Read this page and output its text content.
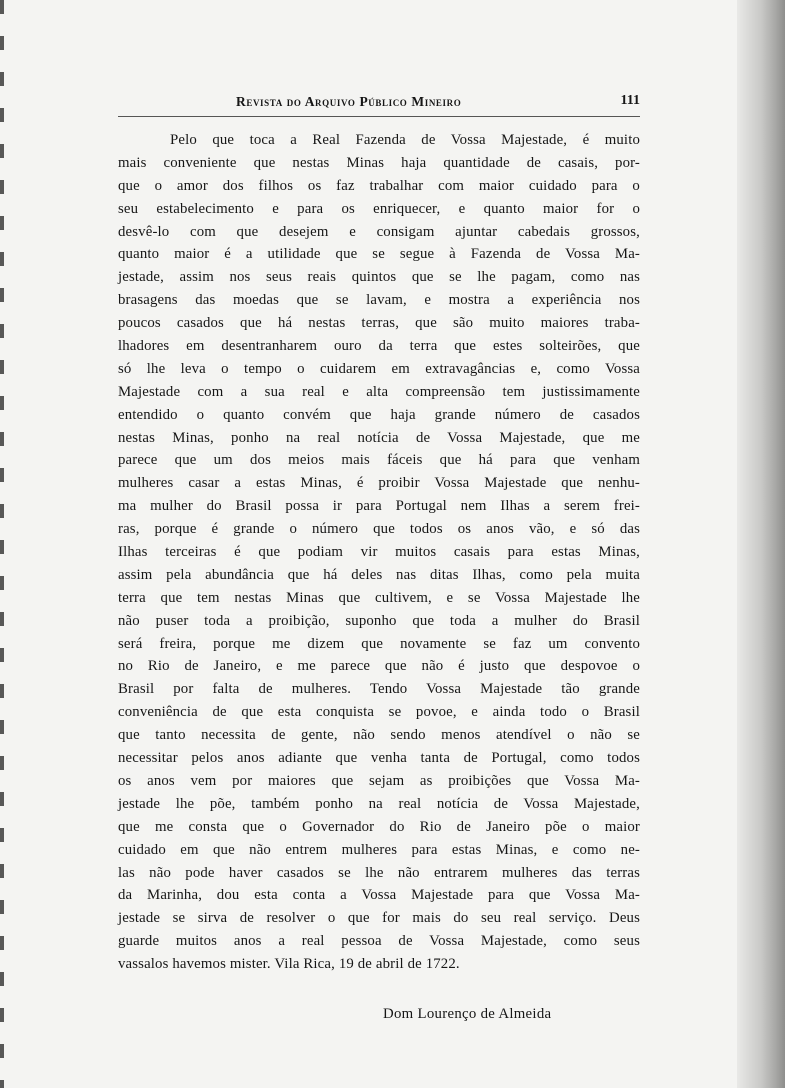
111
Revista do Arquivo Público Mineiro
Pelo que toca a Real Fazenda de Vossa Majestade, é muito
mais conveniente que nestas Minas haja quantidade de casais, por-
que o amor dos filhos os faz trabalhar com maior cuidado para o
seu estabelecimento e para os enriquecer, e quanto maior for o
desvê-lo com que desejem e consigam ajuntar cabedais grossos,
quanto maior é a utilidade que se segue à Fazenda de Vossa Ma-
jestade, assim nos seus reais quintos que se lhe pagam, como nas
brasagens das moedas que se lavam, e mostra a experiência nos
poucos casados que há nestas terras, que são muito maiores traba-
lhadores em desentranharem ouro da terra que estes solteirões, que
só lhe leva o tempo o cuidarem em extravagâncias e, como Vossa
Majestade com a sua real e alta compreensão tem justissimamente
entendido o quanto convém que haja grande número de casados
nestas Minas, ponho na real notícia de Vossa Majestade, que me
parece que um dos meios mais fáceis que há para que venham
mulheres casar a estas Minas, é proibir Vossa Majestade que nenhu-
ma mulher do Brasil possa ir para Portugal nem Ilhas a serem frei-
ras, porque é grande o número que todos os anos vão, e só das
Ilhas terceiras é que podiam vir muitos casais para estas Minas,
assim pela abundância que há deles nas ditas Ilhas, como pela muita
terra que tem nestas Minas que cultivem, e se Vossa Majestade lhe
não puser toda a proibição, suponho que toda a mulher do Brasil
será freira, porque me dizem que novamente se faz um convento
no Rio de Janeiro, e me parece que não é justo que despovoe o
Brasil por falta de mulheres. Tendo Vossa Majestade tão grande
conveniência de que esta conquista se povoe, e ainda todo o Brasil
que tanto necessita de gente, não sendo menos atendível o não se
necessitar pelos anos adiante que venha tanta de Portugal, como todos
os anos vem por maiores que sejam as proibições que Vossa Ma-
jestade lhe põe, também ponho na real notícia de Vossa Majestade,
que me consta que o Governador do Rio de Janeiro põe o maior
cuidado em que não entrem mulheres para estas Minas, e como ne-
las não pode haver casados se lhe não entrarem mulheres das terras
da Marinha, dou esta conta a Vossa Majestade para que Vossa Ma-
jestade se sirva de resolver o que for mais do seu real serviço. Deus
guarde muitos anos a real pessoa de Vossa Majestade, como seus
vassalos havemos mister. Vila Rica, 19 de abril de 1722.
Dom Lourenço de Almeida
